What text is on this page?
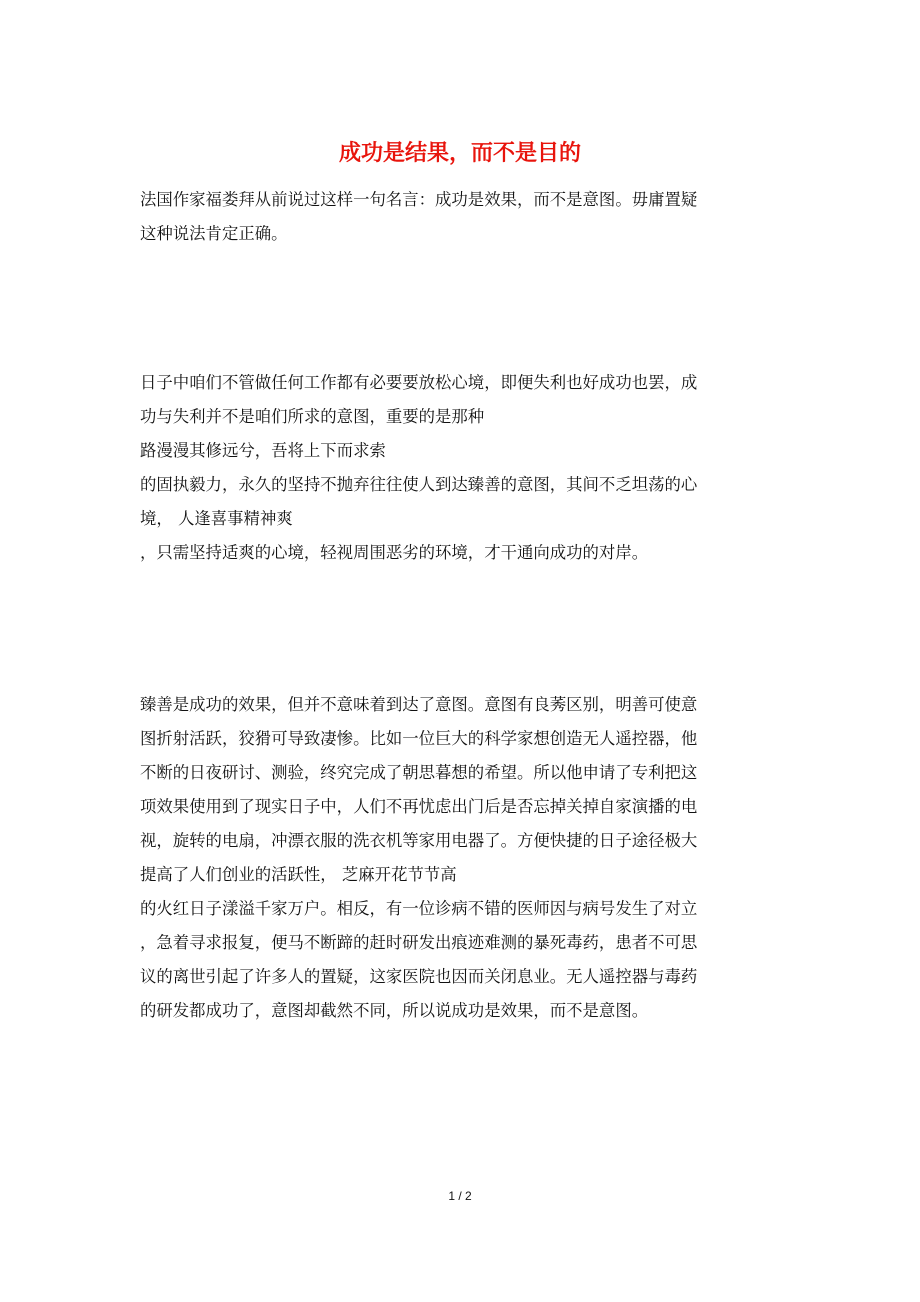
成功是结果，而不是目的

法国作家福娄拜从前说过这样一句名言：成功是效果，而不是意图。毋庸置疑
这种说法肯定正确。

日子中咱们不管做任何工作都有必要要放松心境，即便失利也好成功也罢，成
功与失利并不是咱们所求的意图，重要的是那种
路漫漫其修远兮，吾将上下而求索
的固执毅力，永久的坚持不抛弃往往使人到达臻善的意图，其间不乏坦荡的心
境， 人逢喜事精神爽
，只需坚持适爽的心境，轻视周围恶劣的环境，才干通向成功的对岸。

臻善是成功的效果，但并不意味着到达了意图。意图有良莠区别，明善可使意
图折射活跃，狡猾可导致凄惨。比如一位巨大的科学家想创造无人遥控器，他
不断的日夜研讨、测验，终究完成了朝思暮想的希望。所以他申请了专利把这
项效果使用到了现实日子中，人们不再忧虑出门后是否忘掉关掉自家演播的电
视，旋转的电扇，冲漂衣服的洗衣机等家用电器了。方便快捷的日子途径极大
提高了人们创业的活跃性， 芝麻开花节节高
的火红日子漾溢千家万户。相反，有一位诊病不错的医师因与病号发生了对立
，急着寻求报复，便马不断蹄的赶时研发出痕迹难测的暴死毒药，患者不可思
议的离世引起了许多人的置疑，这家医院也因而关闭息业。无人遥控器与毒药
的研发都成功了，意图却截然不同，所以说成功是效果，而不是意图。

1 / 2
